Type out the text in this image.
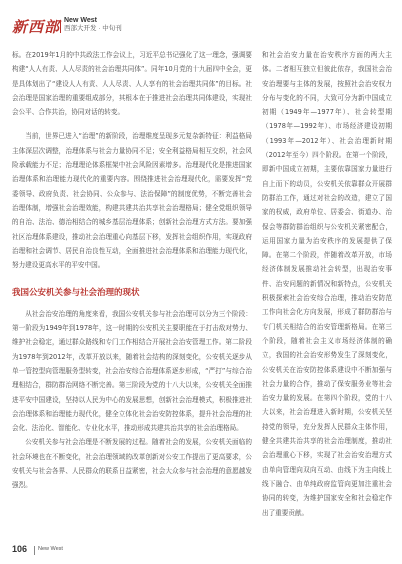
新西部 New West
西部大开发 · 中旬刊

标。在2019年1月的中共政法工作会议上，习近平总书记强化了这一理念，强调要构建“人人有责、人人尽责的社会治理共同体”。同年10月党的十九届四中全会，更是具体划出了“建设人人有责、人人尽责、人人享有的社会治理共同体”的目标。社会治理是国家治理的重要组成部分，其根本在于推进社会治理共同体建设，实现社会公平、合作共治，协同对话的转变。

当前，世界已进入“治理”的新阶段，治理维度呈现多元复杂新特征：利益格局主体深层次调整，治理体系与社会力量协同不足；安全利益格局相互交织，社会风险承载能力不足；治理理论体系框架中社会风险因素增多。治理现代化是推进国家治理体系和治理能力现代化的重要内容。围绕推进社会治理现代化，需要发挥“党委领导、政府负责、社会协同、公众参与、法治保障”的制度优势，不断完善社会治理体制，增强社会治理效能，构建共建共治共享社会治理格局；健全党组织领导的自治、法治、德治相结合的城乡基层治理体系；创新社会治理方式方法。要加强社区治理体系建设，推动社会治理重心向基层下移，发挥社会组织作用，实现政府治理和社会调节、居民自治良性互动，全面推进社会治理体系和治理能力现代化，努力建设更高水平的平安中国。

我国公安机关参与社会治理的现状

从社会治安治理的角度来看，我国公安机关参与社会治理可以分为三个阶段：第一阶段为1949年到1978年，这一时期的公安机关主要职能在于打击敌对势力、维护社会稳定，通过群众路线和专门工作相结合开展社会治安管理工作。第二阶段为1978年到2012年，改革开放以来，随着社会结构的深刻变化，公安机关逐步从单一管控型向管理服务型转变，社会治安综合治理体系逐步形成，“严打”与综合治理相结合，群防群治网络不断完善。第三阶段为党的十八大以来，公安机关全面推进平安中国建设，坚持以人民为中心的发展思想，创新社会治理模式，积极推进社会治理体系和治理能力现代化，健全立体化社会治安防控体系，提升社会治理的社会化、法治化、智能化、专业化水平，推动形成共建共治共享的社会治理格局。

公安机关参与社会治理是不断发展的过程。随着社会的发展，公安机关面临的社会环境也在不断变化，社会治理领域的改革创新对公安工作提出了更高要求，公安机关与社会各界、人民群众的联系日益紧密，社会大众参与社会治理的意愿越发强烈。

和社会治安力量在治安秩序方面的两大主体。二者相互独立但彼此依存，我国社会治安治理要与主体的发展，按照社会治安权力分布与变化的不同，大致可分为新中国成立初期（1949年—1977年）、社会转型期（1978年—1992年）、市场经济建设初期（1993年—2012年）、社会治理新时期（2012年至今）四个阶段。在第一个阶段，即新中国成立初期，主要依靠国家力量进行自上而下的动员，公安机关依靠群众开展群防群治工作，通过对社会的改造，建立了国家的权威，政府单位、居委会、街道办、治保会等群防群治组织与公安机关紧密配合，运用国家力量为治安秩序的发展提供了保障。在第二个阶段，伴随着改革开放，市场经济体制发展推动社会转型，出现治安事件、治安问题的新情况和新特点，公安机关积极探索社会治安综合治理，推动治安防范工作向社会化方向发展，形成了群防群治与专门机关相结合的治安管理新格局。在第三个阶段，随着社会主义市场经济体制的确立，我国的社会治安形势发生了深刻变化，公安机关在治安防控体系建设中不断加强与社会力量的合作，推动了保安服务业等社会治安力量的发展。在第四个阶段，党的十八大以来，社会治理进入新时期，公安机关坚持党的领导，充分发挥人民群众主体作用，健全共建共治共享的社会治理制度，推动社会治理重心下移，实现了社会治安治理方式由单向管理向双向互动、由线下为主向线上线下融合、由单纯政府监管向更加注重社会协同的转变，为维护国家安全和社会稳定作出了重要贡献。

106 New West
